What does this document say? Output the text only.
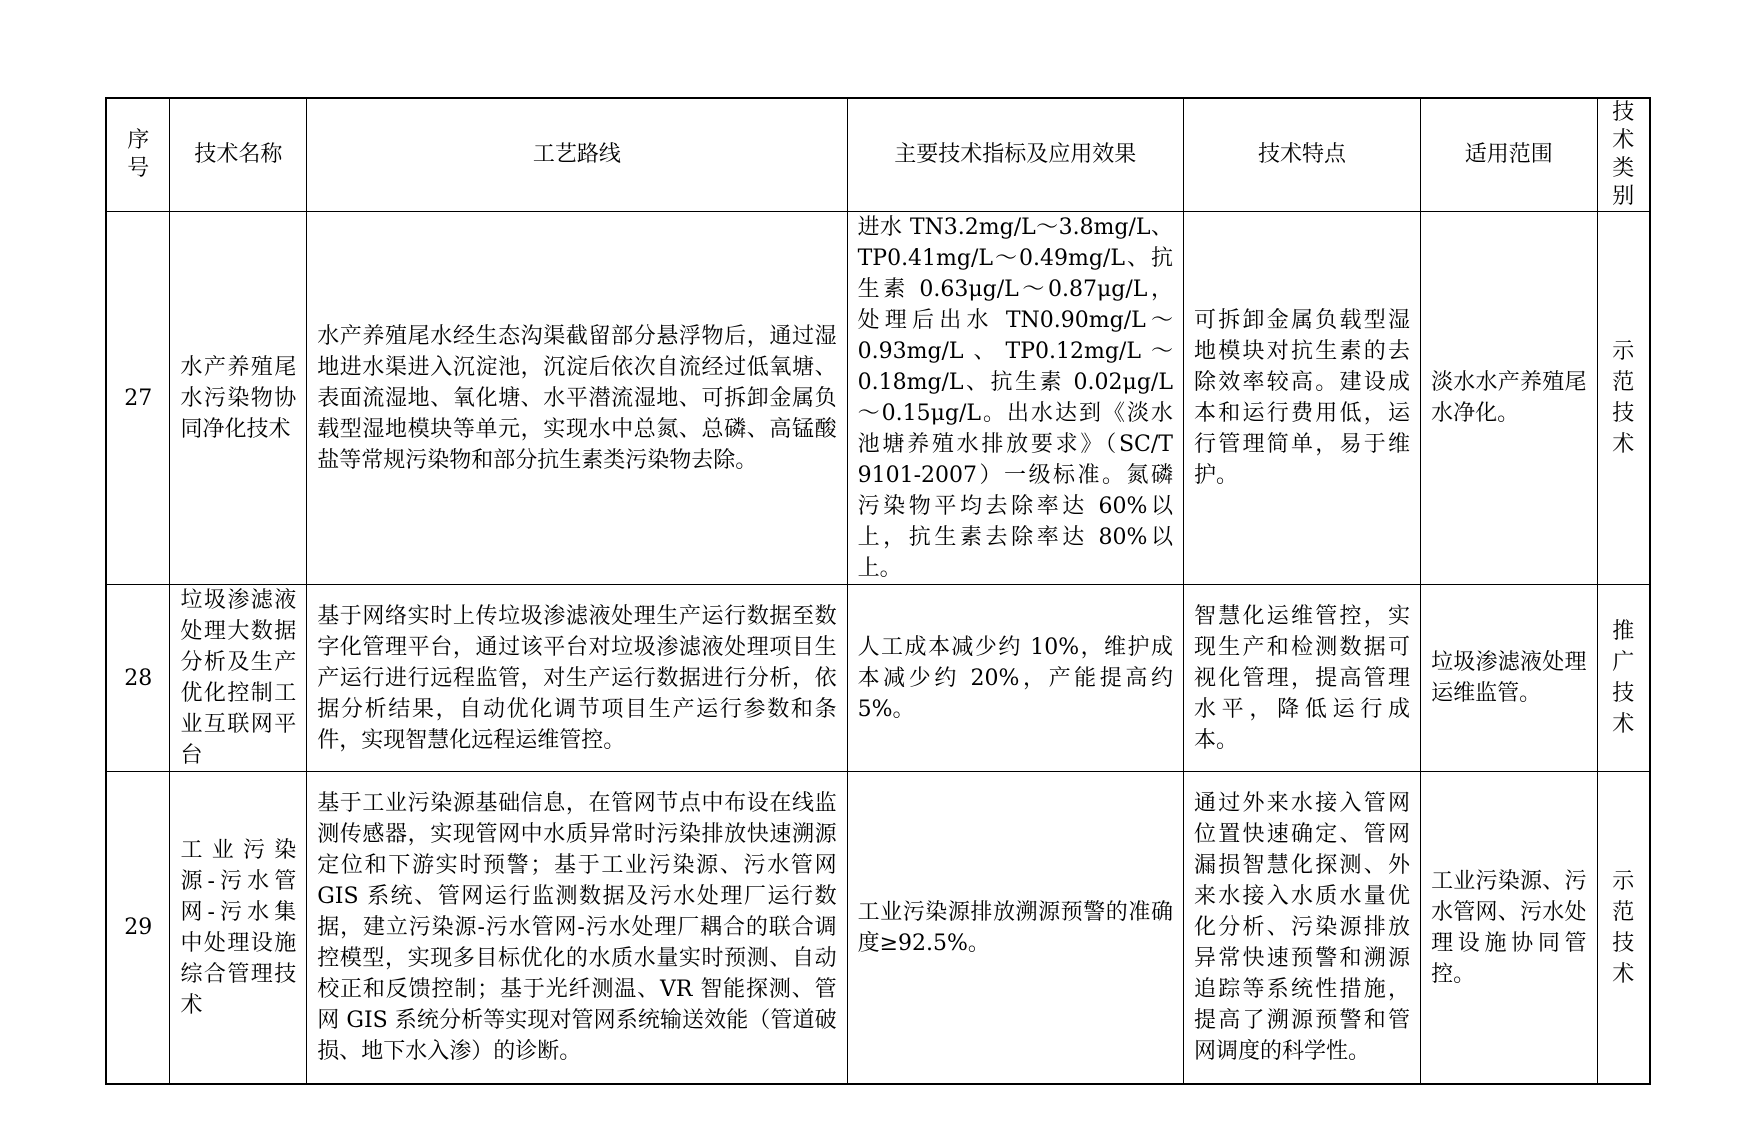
序号	技术名称	工艺路线	主要技术指标及应用效果	技术特点	适用范围	技术类别
27	水产养殖尾水污染物协同净化技术	水产养殖尾水经生态沟渠截留部分悬浮物后，通过湿地进水渠进入沉淀池，沉淀后依次自流经过低氧塘、表面流湿地、氧化塘、水平潜流湿地、可拆卸金属负载型湿地模块等单元，实现水中总氮、总磷、高锰酸盐等常规污染物和部分抗生素类污染物去除。	进水 TN3.2mg/L～3.8mg/L、TP0.41mg/L～0.49mg/L、抗生素 0.63μg/L～0.87μg/L，处理后出水 TN0.90mg/L～0.93mg/L、TP0.12mg/L～0.18mg/L、抗生素 0.02μg/L～0.15μg/L。出水达到《淡水池塘养殖水排放要求》（SC/T 9101-2007）一级标准。氮磷污染物平均去除率达 60%以上，抗生素去除率达 80%以上。	可拆卸金属负载型湿地模块对抗生素的去除效率较高。建设成本和运行费用低，运行管理简单，易于维护。	淡水水产养殖尾水净化。	示范技术
28	垃圾渗滤液处理大数据分析及生产优化控制工业互联网平台	基于网络实时上传垃圾渗滤液处理生产运行数据至数字化管理平台，通过该平台对垃圾渗滤液处理项目生产运行进行远程监管，对生产运行数据进行分析，依据分析结果，自动优化调节项目生产运行参数和条件，实现智慧化远程运维管控。	人工成本减少约 10%，维护成本减少约 20%，产能提高约 5%。	智慧化运维管控，实现生产和检测数据可视化管理，提高管理水平，降低运行成本。	垃圾渗滤液处理运维监管。	推广技术
29	工业污染源-污水管网-污水集中处理设施综合管理技术	基于工业污染源基础信息，在管网节点中布设在线监测传感器，实现管网中水质异常时污染排放快速溯源定位和下游实时预警；基于工业污染源、污水管网 GIS 系统、管网运行监测数据及污水处理厂运行数据，建立污染源-污水管网-污水处理厂耦合的联合调控模型，实现多目标优化的水质水量实时预测、自动校正和反馈控制；基于光纤测温、VR 智能探测、管网 GIS 系统分析等实现对管网系统输送效能（管道破损、地下水入渗）的诊断。	工业污染源排放溯源预警的准确度≥92.5%。	通过外来水接入管网位置快速确定、管网漏损智慧化探测、外来水接入水质水量优化分析、污染源排放异常快速预警和溯源追踪等系统性措施，提高了溯源预警和管网调度的科学性。	工业污染源、污水管网、污水处理设施协同管控。	示范技术
